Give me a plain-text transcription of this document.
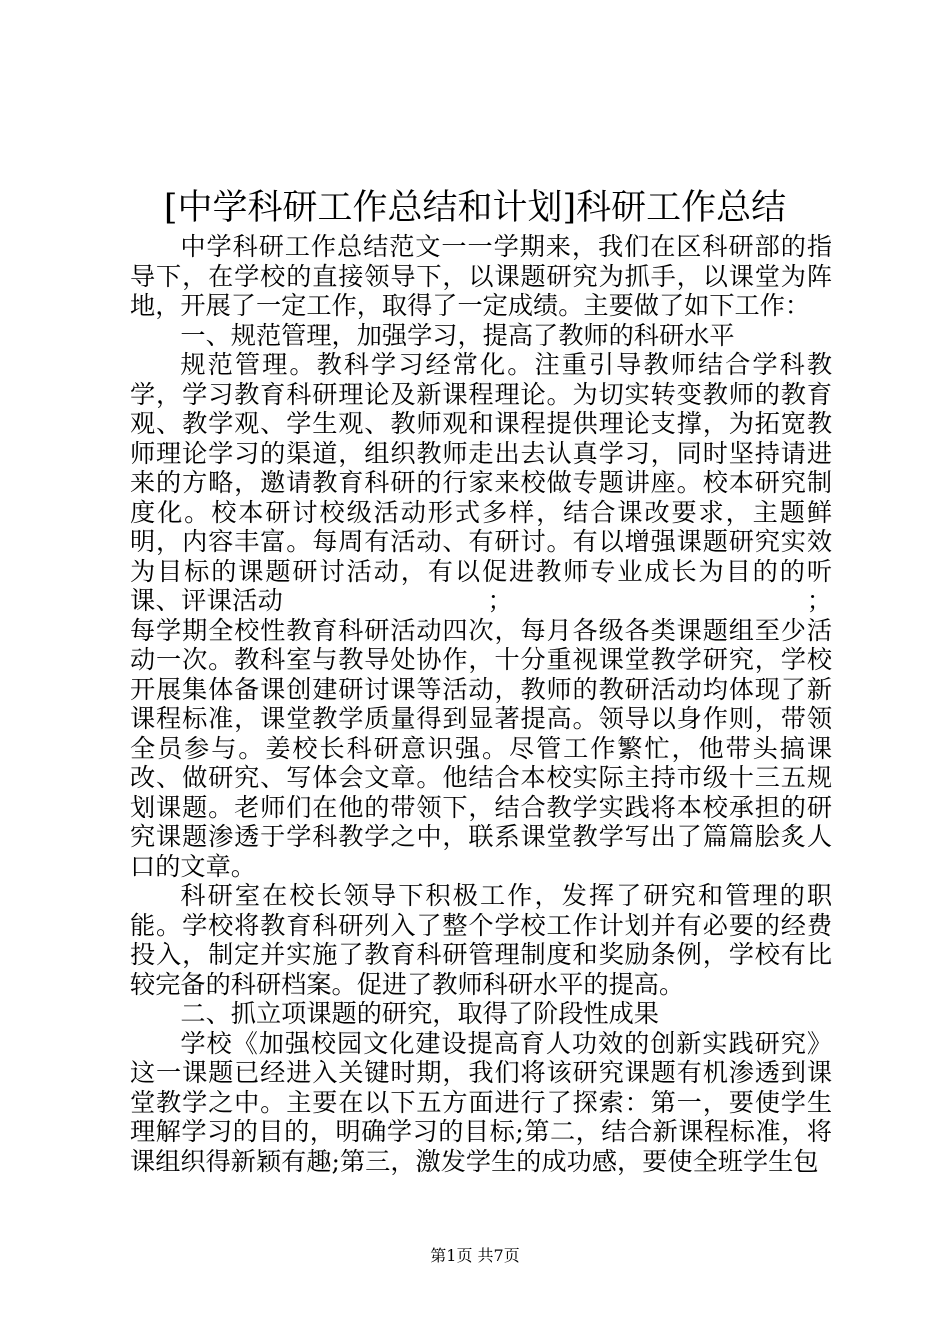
[中学科研工作总结和计划]科研工作总结

中学科研工作总结范文一一学期来，我们在区科研部的指导下，在学校的直接领导下，以课题研究为抓手，以课堂为阵地，开展了一定工作，取得了一定成绩。主要做了如下工作：

一、规范管理，加强学习，提高了教师的科研水平

规范管理。教科学习经常化。注重引导教师结合学科教学，学习教育科研理论及新课程理论。为切实转变教师的教育观、教学观、学生观、教师观和课程提供理论支撑，为拓宽教师理论学习的渠道，组织教师走出去认真学习，同时坚持请进来的方略，邀请教育科研的行家来校做专题讲座。校本研究制度化。校本研讨校级活动形式多样，结合课改要求，主题鲜明，内容丰富。每周有活动、有研讨。有以增强课题研究实效为目标的课题研讨活动，有以促进教师专业成长为目的的听课、评课活动　　　　　　　　；　　　　　　　　　　　　；每学期全校性教育科研活动四次，每月各级各类课题组至少活动一次。教科室与教导处协作，十分重视课堂教学研究，学校开展集体备课创建研讨课等活动，教师的教研活动均体现了新课程标准，课堂教学质量得到显著提高。领导以身作则，带领全员参与。姜校长科研意识强。尽管工作繁忙，他带头搞课改、做研究、写体会文章。他结合本校实际主持市级十三五规划课题。老师们在他的带领下，结合教学实践将本校承担的研究课题渗透于学科教学之中，联系课堂教学写出了篇篇脍炙人口的文章。

科研室在校长领导下积极工作，发挥了研究和管理的职能。学校将教育科研列入了整个学校工作计划并有必要的经费投入，制定并实施了教育科研管理制度和奖励条例，学校有比较完备的科研档案。促进了教师科研水平的提高。

二、抓立项课题的研究，取得了阶段性成果

学校《加强校园文化建设提高育人功效的创新实践研究》这一课题已经进入关键时期，我们将该研究课题有机渗透到课堂教学之中。主要在以下五方面进行了探索：第一，要使学生理解学习的目的，明确学习的目标;第二，结合新课程标准，将课组织得新颖有趣;第三，激发学生的成功感，要使全班学生包

第1页 共7页
